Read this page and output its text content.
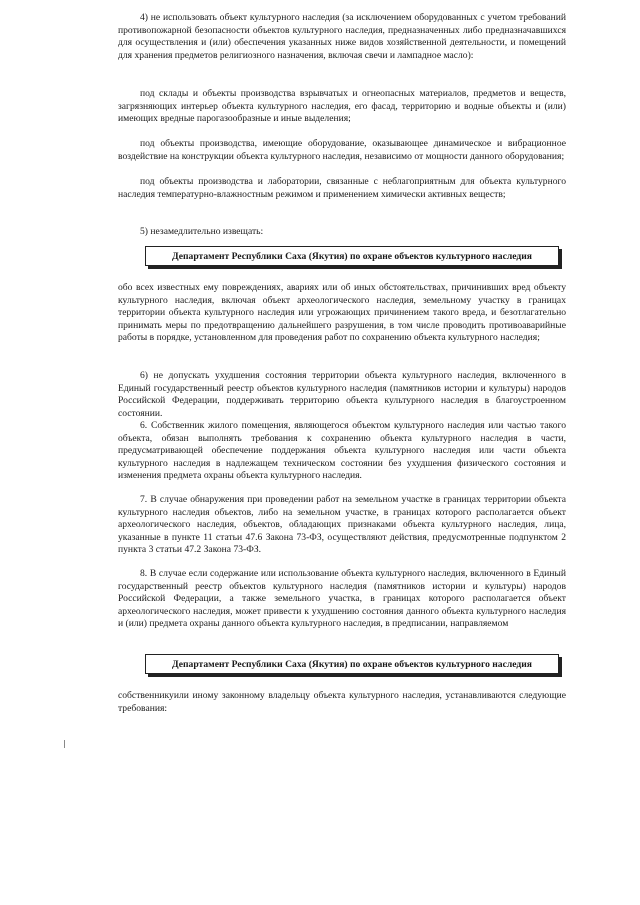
4) не использовать объект культурного наследия (за исключением оборудованных с учетом требований противопожарной безопасности объектов культурного наследия, предназначенных либо предназначавшихся для осуществления и (или) обеспечения указанных ниже видов хозяйственной деятельности, и помещений для хранения предметов религиозного назначения, включая свечи и лампадное масло):

под склады и объекты производства взрывчатых и огнеопасных материалов, предметов и веществ, загрязняющих интерьер объекта культурного наследия, его фасад, территорию и водные объекты и (или) имеющих вредные парогазообразные и иные выделения;

под объекты производства, имеющие оборудование, оказывающее динамическое и вибрационное воздействие на конструкции объекта культурного наследия, независимо от мощности данного оборудования;

под объекты производства и лаборатории, связанные с неблагоприятным для объекта культурного наследия температурно-влажностным режимом и применением химически активных веществ;

5) незамедлительно извещать:

Департамент Республики Саха (Якутия) по охране объектов культурного наследия

обо всех известных ему повреждениях, авариях или об иных обстоятельствах, причинивших вред объекту культурного наследия, включая объект археологического наследия, земельному участку в границах территории объекта культурного наследия или угрожающих причинением такого вреда, и безотлагательно принимать меры по предотвращению дальнейшего разрушения, в том числе проводить противоаварийные работы в порядке, установленном для проведения работ по сохранению объекта культурного наследия;

6) не допускать ухудшения состояния территории объекта культурного наследия, включенного в Единый государственный реестр объектов культурного наследия (памятников истории и культуры) народов Российской Федерации, поддерживать территорию объекта культурного наследия в благоустроенном состоянии.

6. Собственник жилого помещения, являющегося объектом культурного наследия или частью такого объекта, обязан выполнять требования к сохранению объекта культурного наследия в части, предусматривающей обеспечение поддержания объекта культурного наследия или части объекта культурного наследия в надлежащем техническом состоянии без ухудшения физического состояния и изменения предмета охраны объекта культурного наследия.

7. В случае обнаружения при проведении работ на земельном участке в границах территории объекта культурного наследия объектов, либо на земельном участке, в границах которого располагается объект археологического наследия, объектов, обладающих признаками объекта культурного наследия, лица, указанные в пункте 11 статьи 47.6 Закона 73-ФЗ, осуществляют действия, предусмотренные подпунктом 2 пункта 3 статьи 47.2 Закона 73-ФЗ.

8. В случае если содержание или использование объекта культурного наследия, включенного в Единый государственный реестр объектов культурного наследия (памятников истории и культуры) народов Российской Федерации, а также земельного участка, в границах которого располагается объект археологического наследия, может привести к ухудшению состояния данного объекта культурного наследия и (или) предмета охраны данного объекта культурного наследия, в предписании, направляемом

Департамент Республики Саха (Якутия) по охране объектов культурного наследия

собственникуили иному законному владельцу объекта культурного наследия, устанавливаются следующие требования:
